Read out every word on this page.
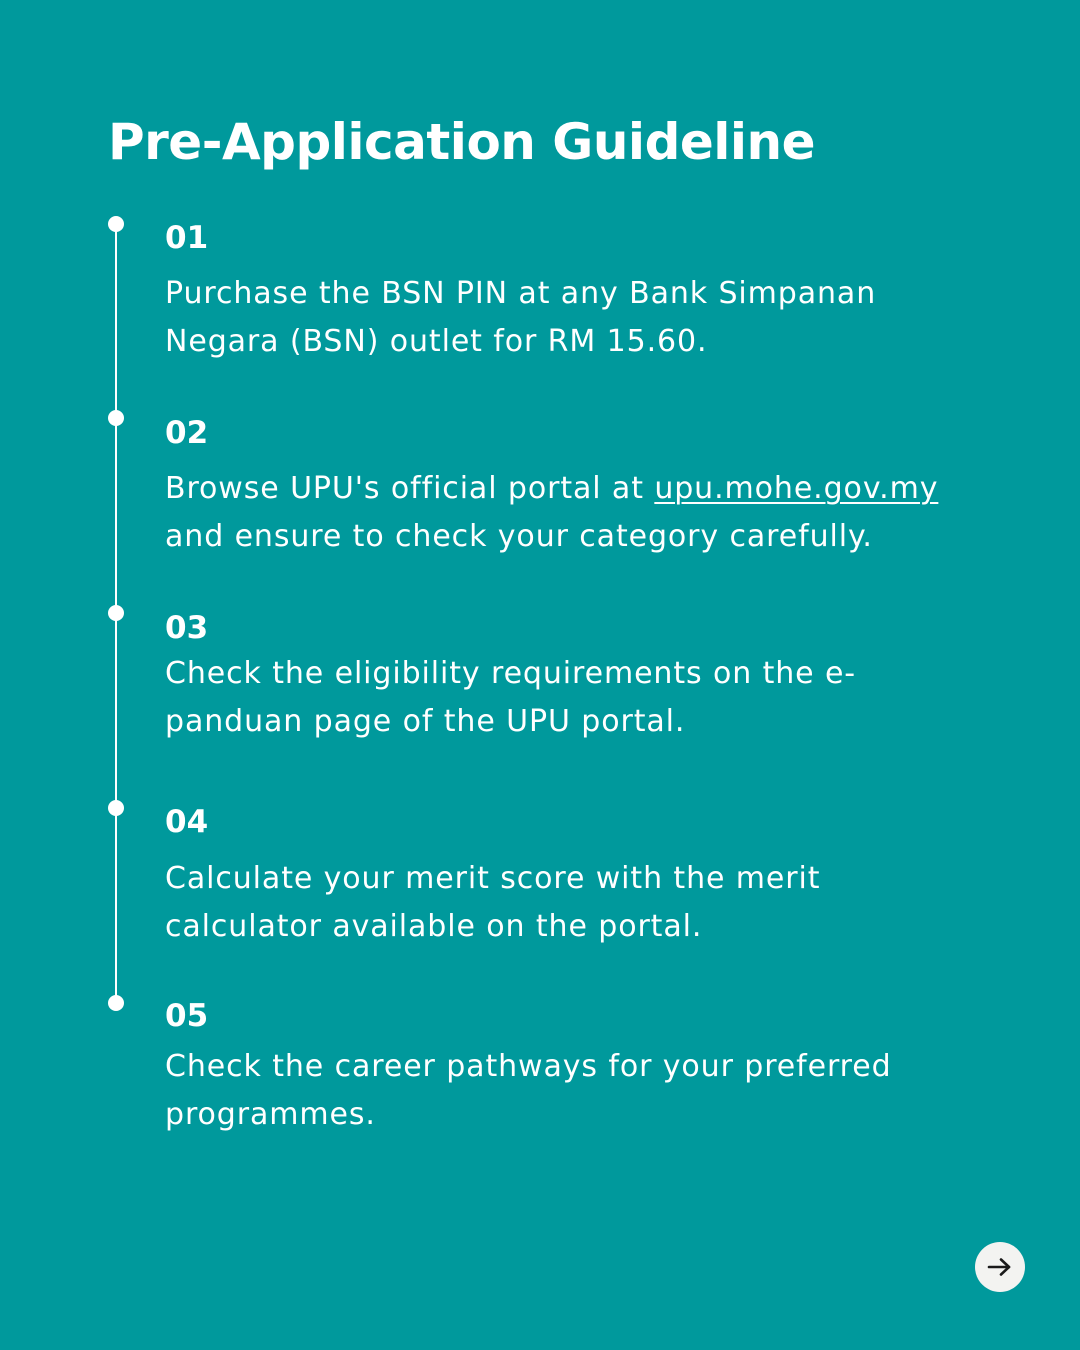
Pre-Application Guideline
01
Purchase the BSN PIN at any Bank Simpanan
Negara (BSN) outlet for RM 15.60.
02
Browse UPU's official portal at upu.mohe.gov.my
and ensure to check your category carefully.
03
Check the eligibility requirements on the e-
panduan page of the UPU portal.
04
Calculate your merit score with the merit
calculator available on the portal.
05
Check the career pathways for your preferred
programmes.
